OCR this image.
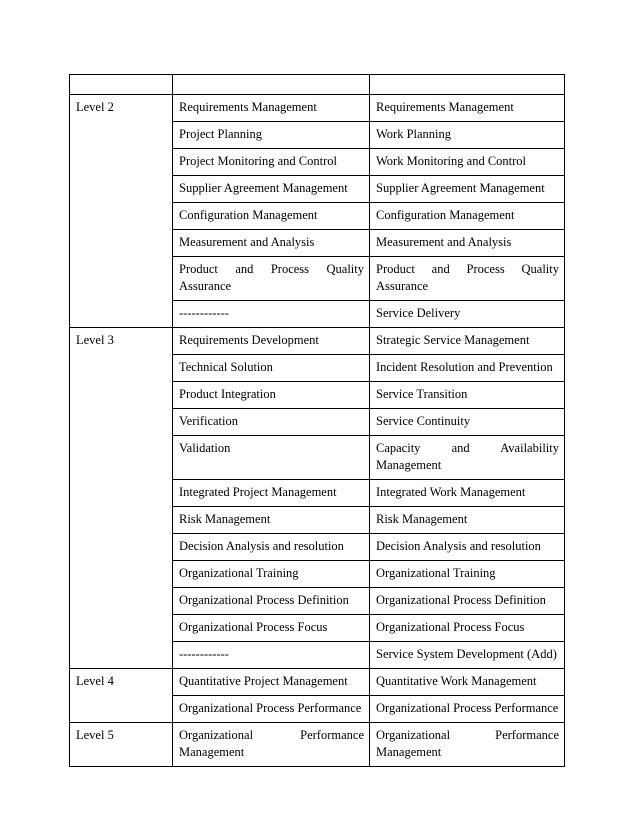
Level 2	Requirements Management	Requirements Management
	Project Planning	Work Planning
	Project Monitoring and Control	Work Monitoring and Control
	Supplier Agreement Management	Supplier Agreement Management
	Configuration Management	Configuration Management
	Measurement and Analysis	Measurement and Analysis
	Product and Process Quality Assurance	Product and Process Quality Assurance
	------------	Service Delivery
Level 3	Requirements Development	Strategic Service Management
	Technical Solution	Incident Resolution and Prevention
	Product Integration	Service Transition
	Verification	Service Continuity
	Validation	Capacity and Availability Management
	Integrated Project Management	Integrated Work Management
	Risk Management	Risk Management
	Decision Analysis and resolution	Decision Analysis and resolution
	Organizational Training	Organizational Training
	Organizational Process Definition	Organizational Process Definition
	Organizational Process Focus	Organizational Process Focus
	------------	Service System Development (Add)
Level 4	Quantitative Project Management	Quantitative Work Management
	Organizational Process Performance	Organizational Process Performance
Level 5	Organizational Performance Management	Organizational Performance Management
